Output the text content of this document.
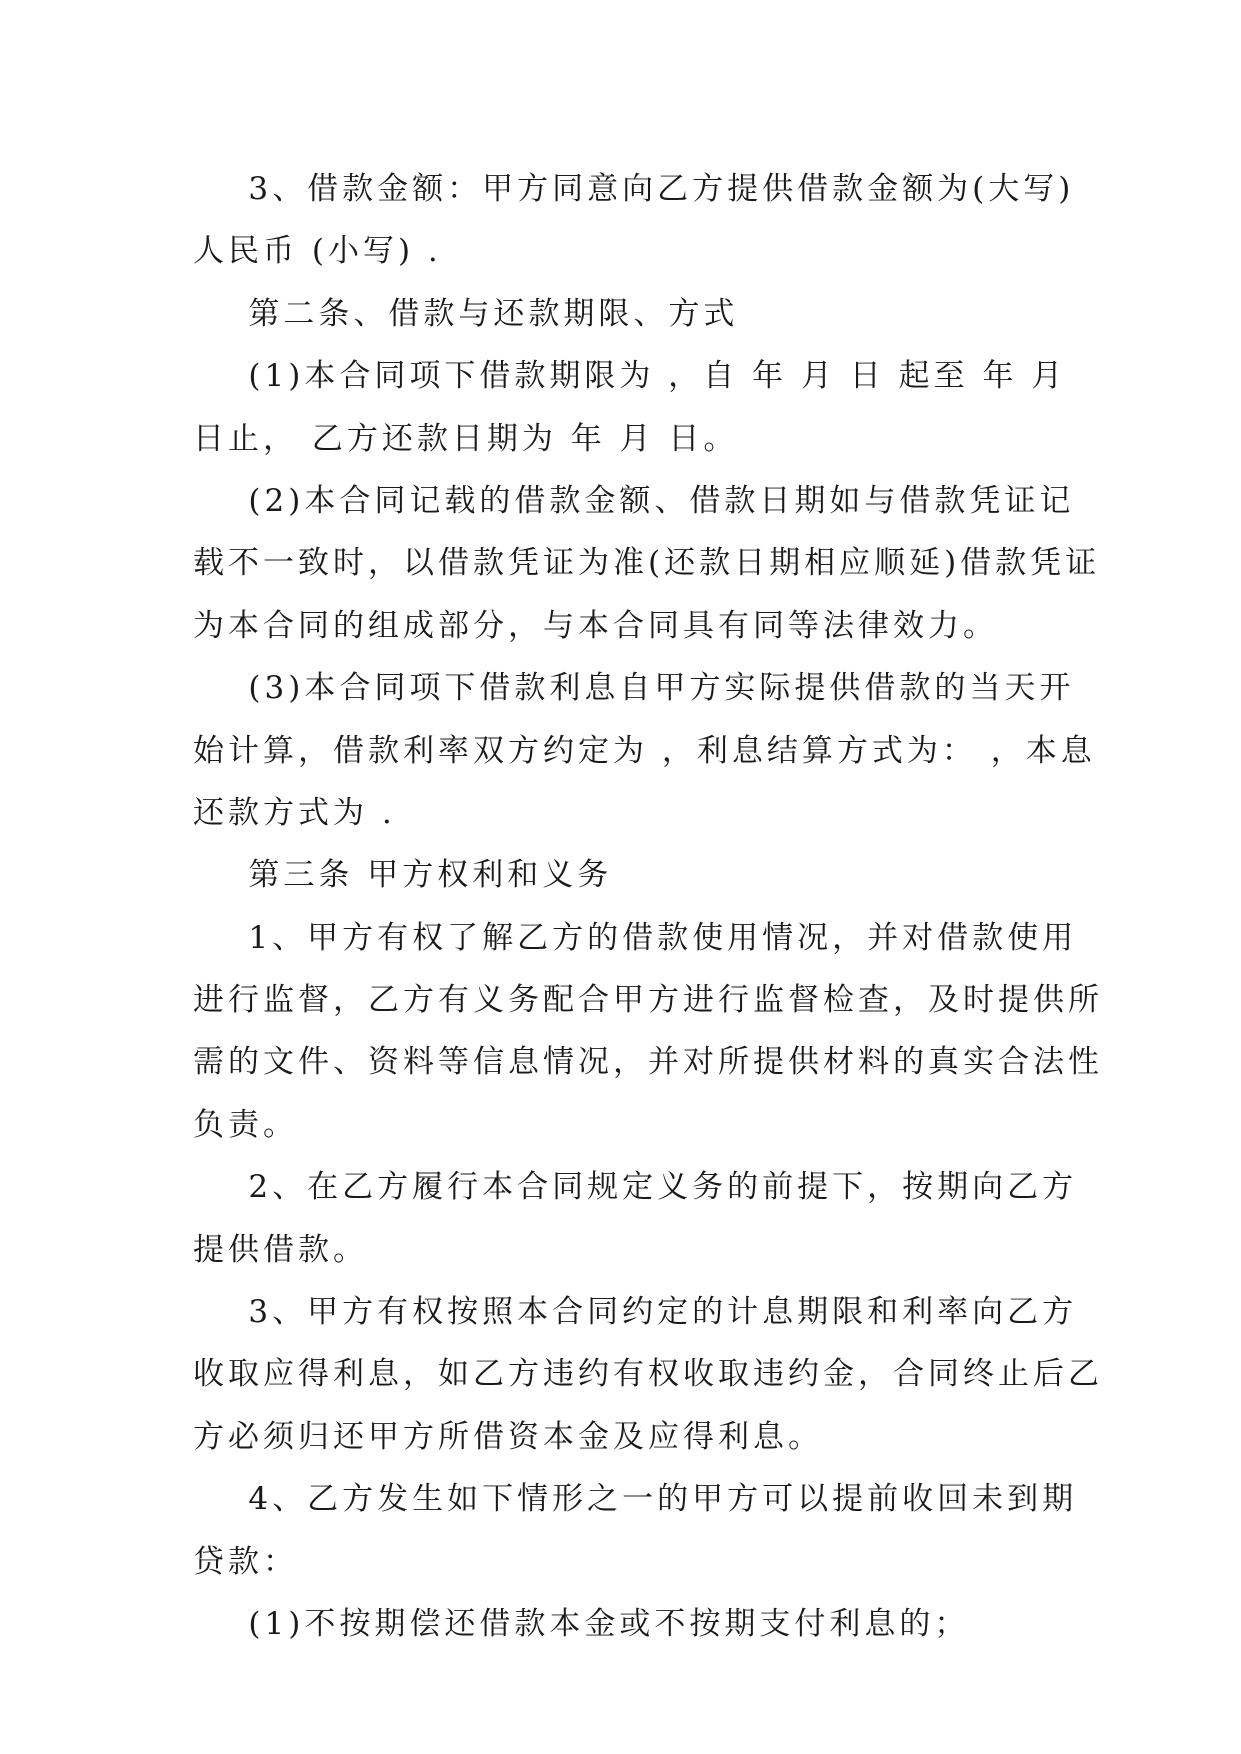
3、借款金额：甲方同意向乙方提供借款金额为(大写)
人民币 (小写) .
第二条、借款与还款期限、方式
(1)本合同项下借款期限为 ，自 年 月 日 起至 年 月
日止， 乙方还款日期为 年 月 日。
(2)本合同记载的借款金额、借款日期如与借款凭证记
载不一致时，以借款凭证为准(还款日期相应顺延)借款凭证
为本合同的组成部分，与本合同具有同等法律效力。
(3)本合同项下借款利息自甲方实际提供借款的当天开
始计算，借款利率双方约定为 ，利息结算方式为： ，本息
还款方式为 .
第三条 甲方权利和义务
1、甲方有权了解乙方的借款使用情况，并对借款使用
进行监督，乙方有义务配合甲方进行监督检查，及时提供所
需的文件、资料等信息情况，并对所提供材料的真实合法性
负责。
2、在乙方履行本合同规定义务的前提下，按期向乙方
提供借款。
3、甲方有权按照本合同约定的计息期限和利率向乙方
收取应得利息，如乙方违约有权收取违约金，合同终止后乙
方必须归还甲方所借资本金及应得利息。
4、乙方发生如下情形之一的甲方可以提前收回未到期
贷款：
(1)不按期偿还借款本金或不按期支付利息的；
